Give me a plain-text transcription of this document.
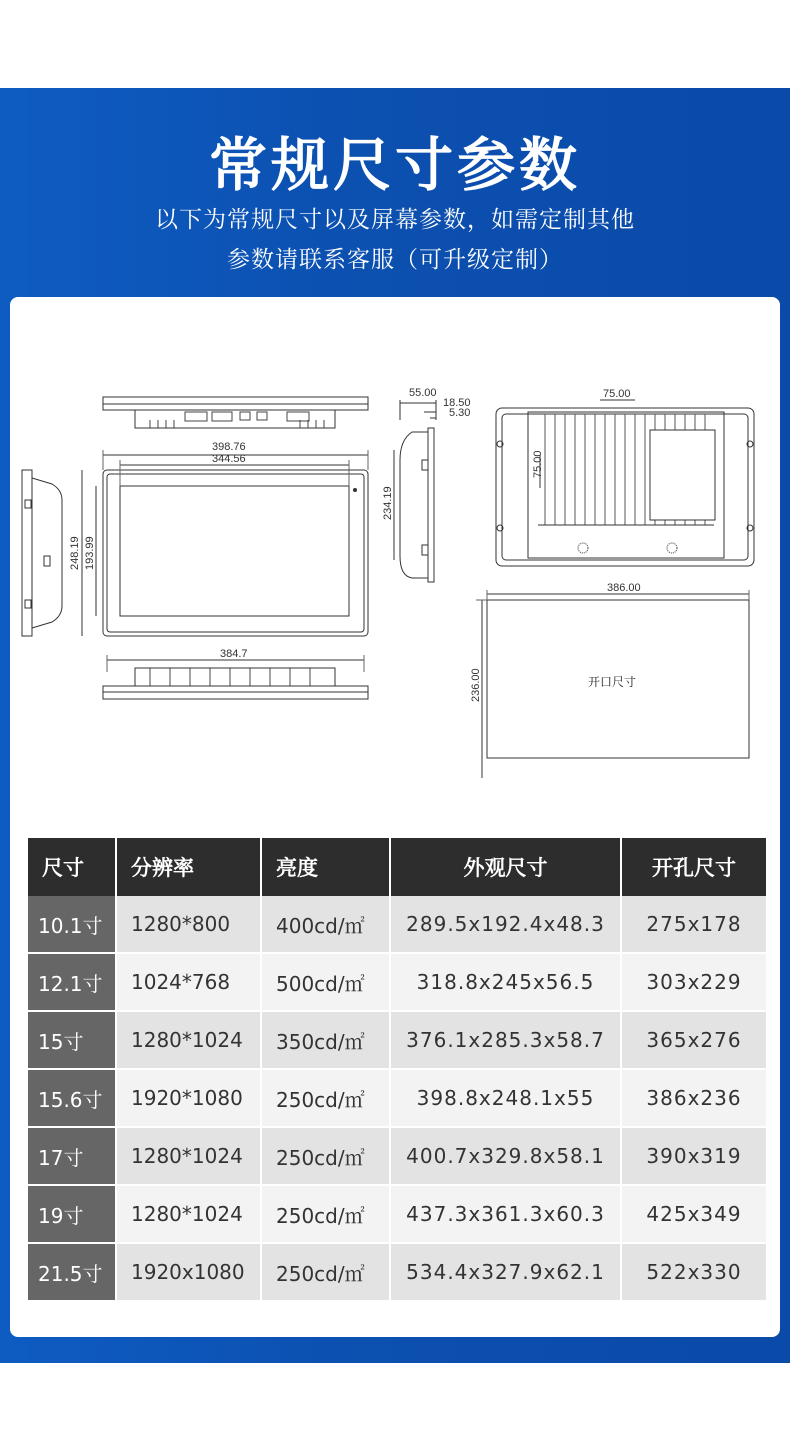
常规尺寸参数
以下为常规尺寸以及屏幕参数，如需定制其他
参数请联系客服（可升级定制）
398.76
344.56
248.19 193.99
384.7
55.00
18.50
5.30
234.19
75.00
75.00
386.00
236.00	开口尺寸
尺寸	分辨率	亮度	外观尺寸	开孔尺寸
10.1寸	1280*800	400cd/㎡	289.5x192.4x48.3	275x178
12.1寸	1024*768	500cd/㎡	318.8x245x56.5	303x229
15寸	1280*1024	350cd/㎡	376.1x285.3x58.7	365x276
15.6寸	1920*1080	250cd/㎡	398.8x248.1x55	386x236
17寸	1280*1024	250cd/㎡	400.7x329.8x58.1	390x319
19寸	1280*1024	250cd/㎡	437.3x361.3x60.3	425x349
21.5寸	1920x1080	250cd/㎡	534.4x327.9x62.1	522x330
